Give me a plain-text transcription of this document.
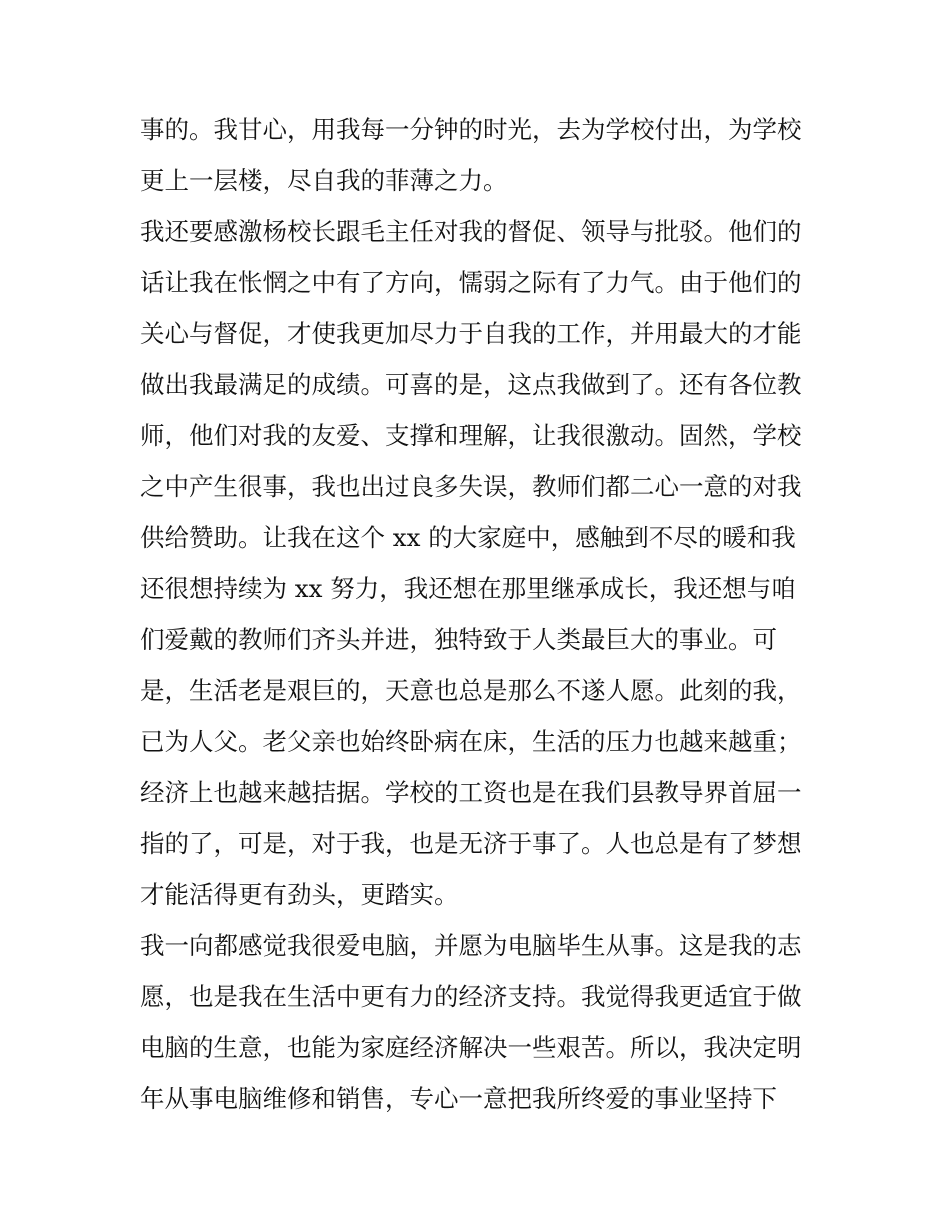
事的。我甘心，用我每一分钟的时光，去为学校付出，为学校
更上一层楼，尽自我的菲薄之力。
我还要感激杨校长跟毛主任对我的督促、领导与批驳。他们的
话让我在怅惘之中有了方向，懦弱之际有了力气。由于他们的
关心与督促，才使我更加尽力于自我的工作，并用最大的才能
做出我最满足的成绩。可喜的是，这点我做到了。还有各位教
师，他们对我的友爱、支撑和理解，让我很激动。固然，学校
之中产生很事，我也出过良多失误，教师们都二心一意的对我
供给赞助。让我在这个 xx 的大家庭中，感触到不尽的暖和我
还很想持续为 xx 努力，我还想在那里继承成长，我还想与咱
们爱戴的教师们齐头并进，独特致于人类最巨大的事业。可
是，生活老是艰巨的，天意也总是那么不遂人愿。此刻的我，
已为人父。老父亲也始终卧病在床，生活的压力也越来越重；
经济上也越来越拮据。学校的工资也是在我们县教导界首屈一
指的了，可是，对于我，也是无济于事了。人也总是有了梦想
才能活得更有劲头，更踏实。
我一向都感觉我很爱电脑，并愿为电脑毕生从事。这是我的志
愿，也是我在生活中更有力的经济支持。我觉得我更适宜于做
电脑的生意，也能为家庭经济解决一些艰苦。所以，我决定明
年从事电脑维修和销售，专心一意把我所终爱的事业坚持下
